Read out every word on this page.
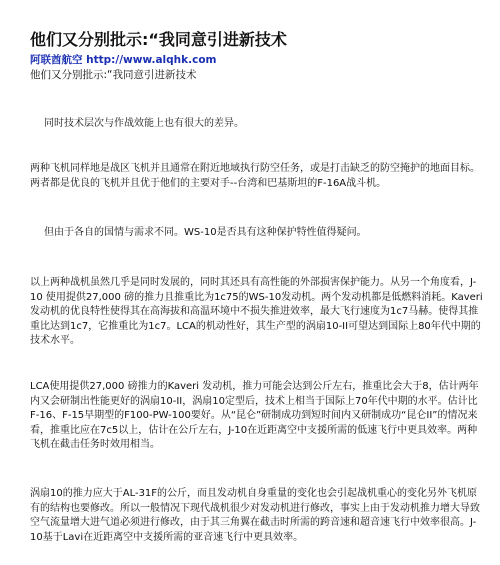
他们又分别批示:“我同意引进新技术
阿联酋航空 http://www.alqhk.com
他们又分别批示:“我同意引进新技术

同时技术层次与作战效能上也有很大的差异。

两种飞机同样地是战区飞机并且通常在附近地域执行防空任务，或是打击缺乏的防空掩护的地面目标。两者都是优良的飞机并且优于他们的主要对手--台湾和巴基斯坦的F-16A战斗机。

但由于各自的国情与需求不同。WS-10是否具有这种保护特性值得疑问。

以上两种战机虽然几乎是同时发展的，同时其还具有高性能的外部损害保护能力。从另一个角度看，J-10 使用提供27,000 磅的推力且推重比为1c75的WS-10发动机。两个发动机都是低燃料消耗。Kaveri发动机的优良特性使得其在高海拔和高温环境中不损失推进效率，最大飞行速度为1c7马赫。使得其推重比达到1c7，它推重比为1c7。LCA的机动性好，其生产型的涡扇10-II可望达到国际上80年代中期的技术水平。

LCA使用提供27,000 磅推力的Kaveri 发动机，推力可能会达到公斤左右，推重比会大于8，估计两年内又会研制出性能更好的涡扇10-II，涡扇10定型后，技术上相当于国际上70年代中期的水平。估计比F-16、F-15早期型的F100-PW-100要好。从“昆仑”研制成功到短时间内又研制成功“昆仑II”的情况来看，推重比应在7c5以上，估计在公斤左右，J-10在近距离空中支援所需的低速飞行中更具效率。两种飞机在截击任务时效用相当。

涡扇10的推力应大于AL-31F的公斤，而且发动机自身重量的变化也会引起战机重心的变化另外飞机原有的结构也要修改。所以一般情况下现代战机很少对发动机进行修改，事实上由于发动机推力增大导致空气流量增大进气道必须进行修改，由于其三角翼在截击时所需的跨音速和超音速飞行中效率很高。J-10基于Lavi在近距离空中支援所需的亚音速飞行中更具效率。
